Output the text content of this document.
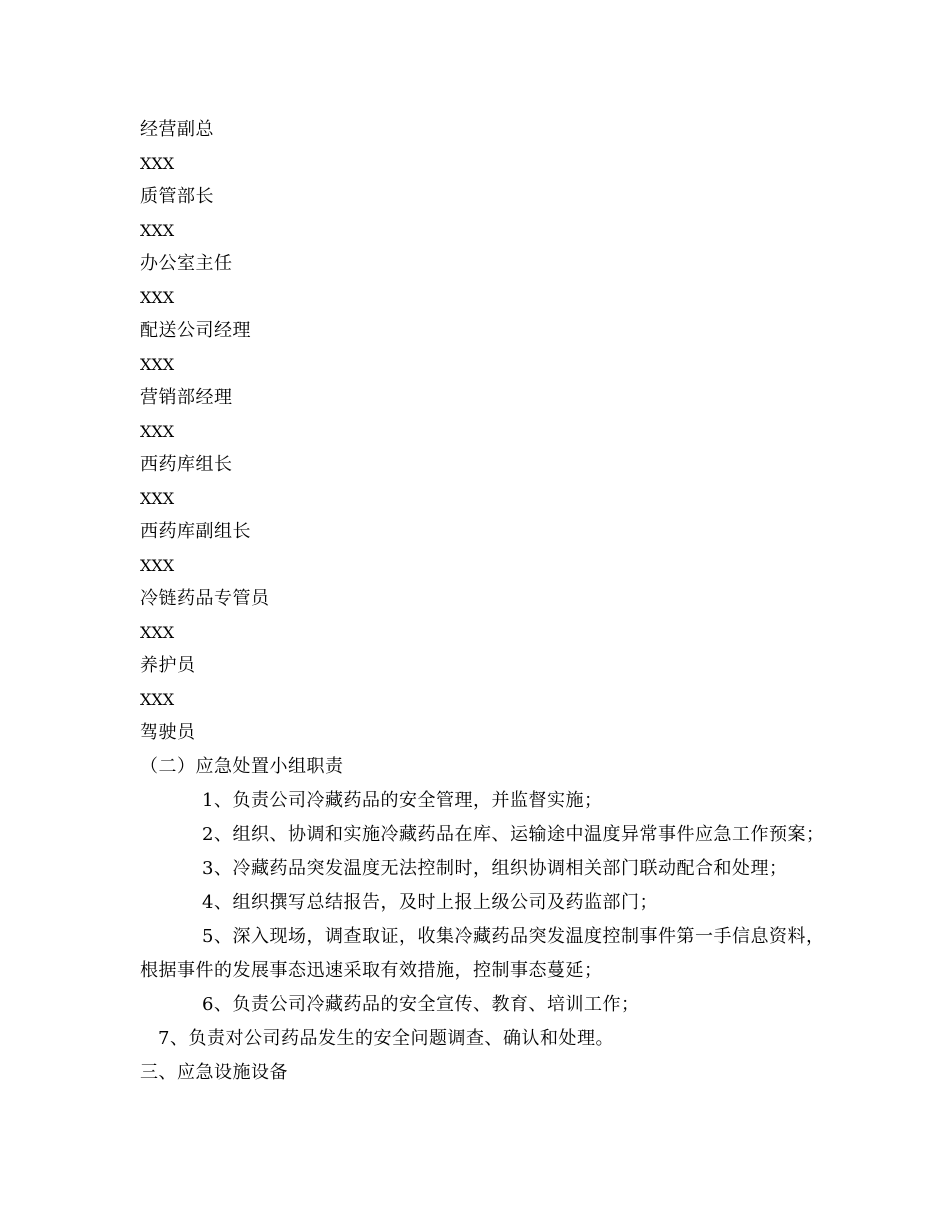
经营副总
XXX
质管部长
XXX
办公室主任
XXX
配送公司经理
XXX
营销部经理
XXX
西药库组长
XXX
西药库副组长
XXX
冷链药品专管员
XXX
养护员
XXX
驾驶员
（二）应急处置小组职责
1、负责公司冷藏药品的安全管理，并监督实施；
2、组织、协调和实施冷藏药品在库、运输途中温度异常事件应急工作预案；
3、冷藏药品突发温度无法控制时，组织协调相关部门联动配合和处理；
4、组织撰写总结报告，及时上报上级公司及药监部门；
5、深入现场，调查取证，收集冷藏药品突发温度控制事件第一手信息资料，
根据事件的发展事态迅速采取有效措施，控制事态蔓延；
6、负责公司冷藏药品的安全宣传、教育、培训工作；
7、负责对公司药品发生的安全问题调查、确认和处理。
三、应急设施设备
